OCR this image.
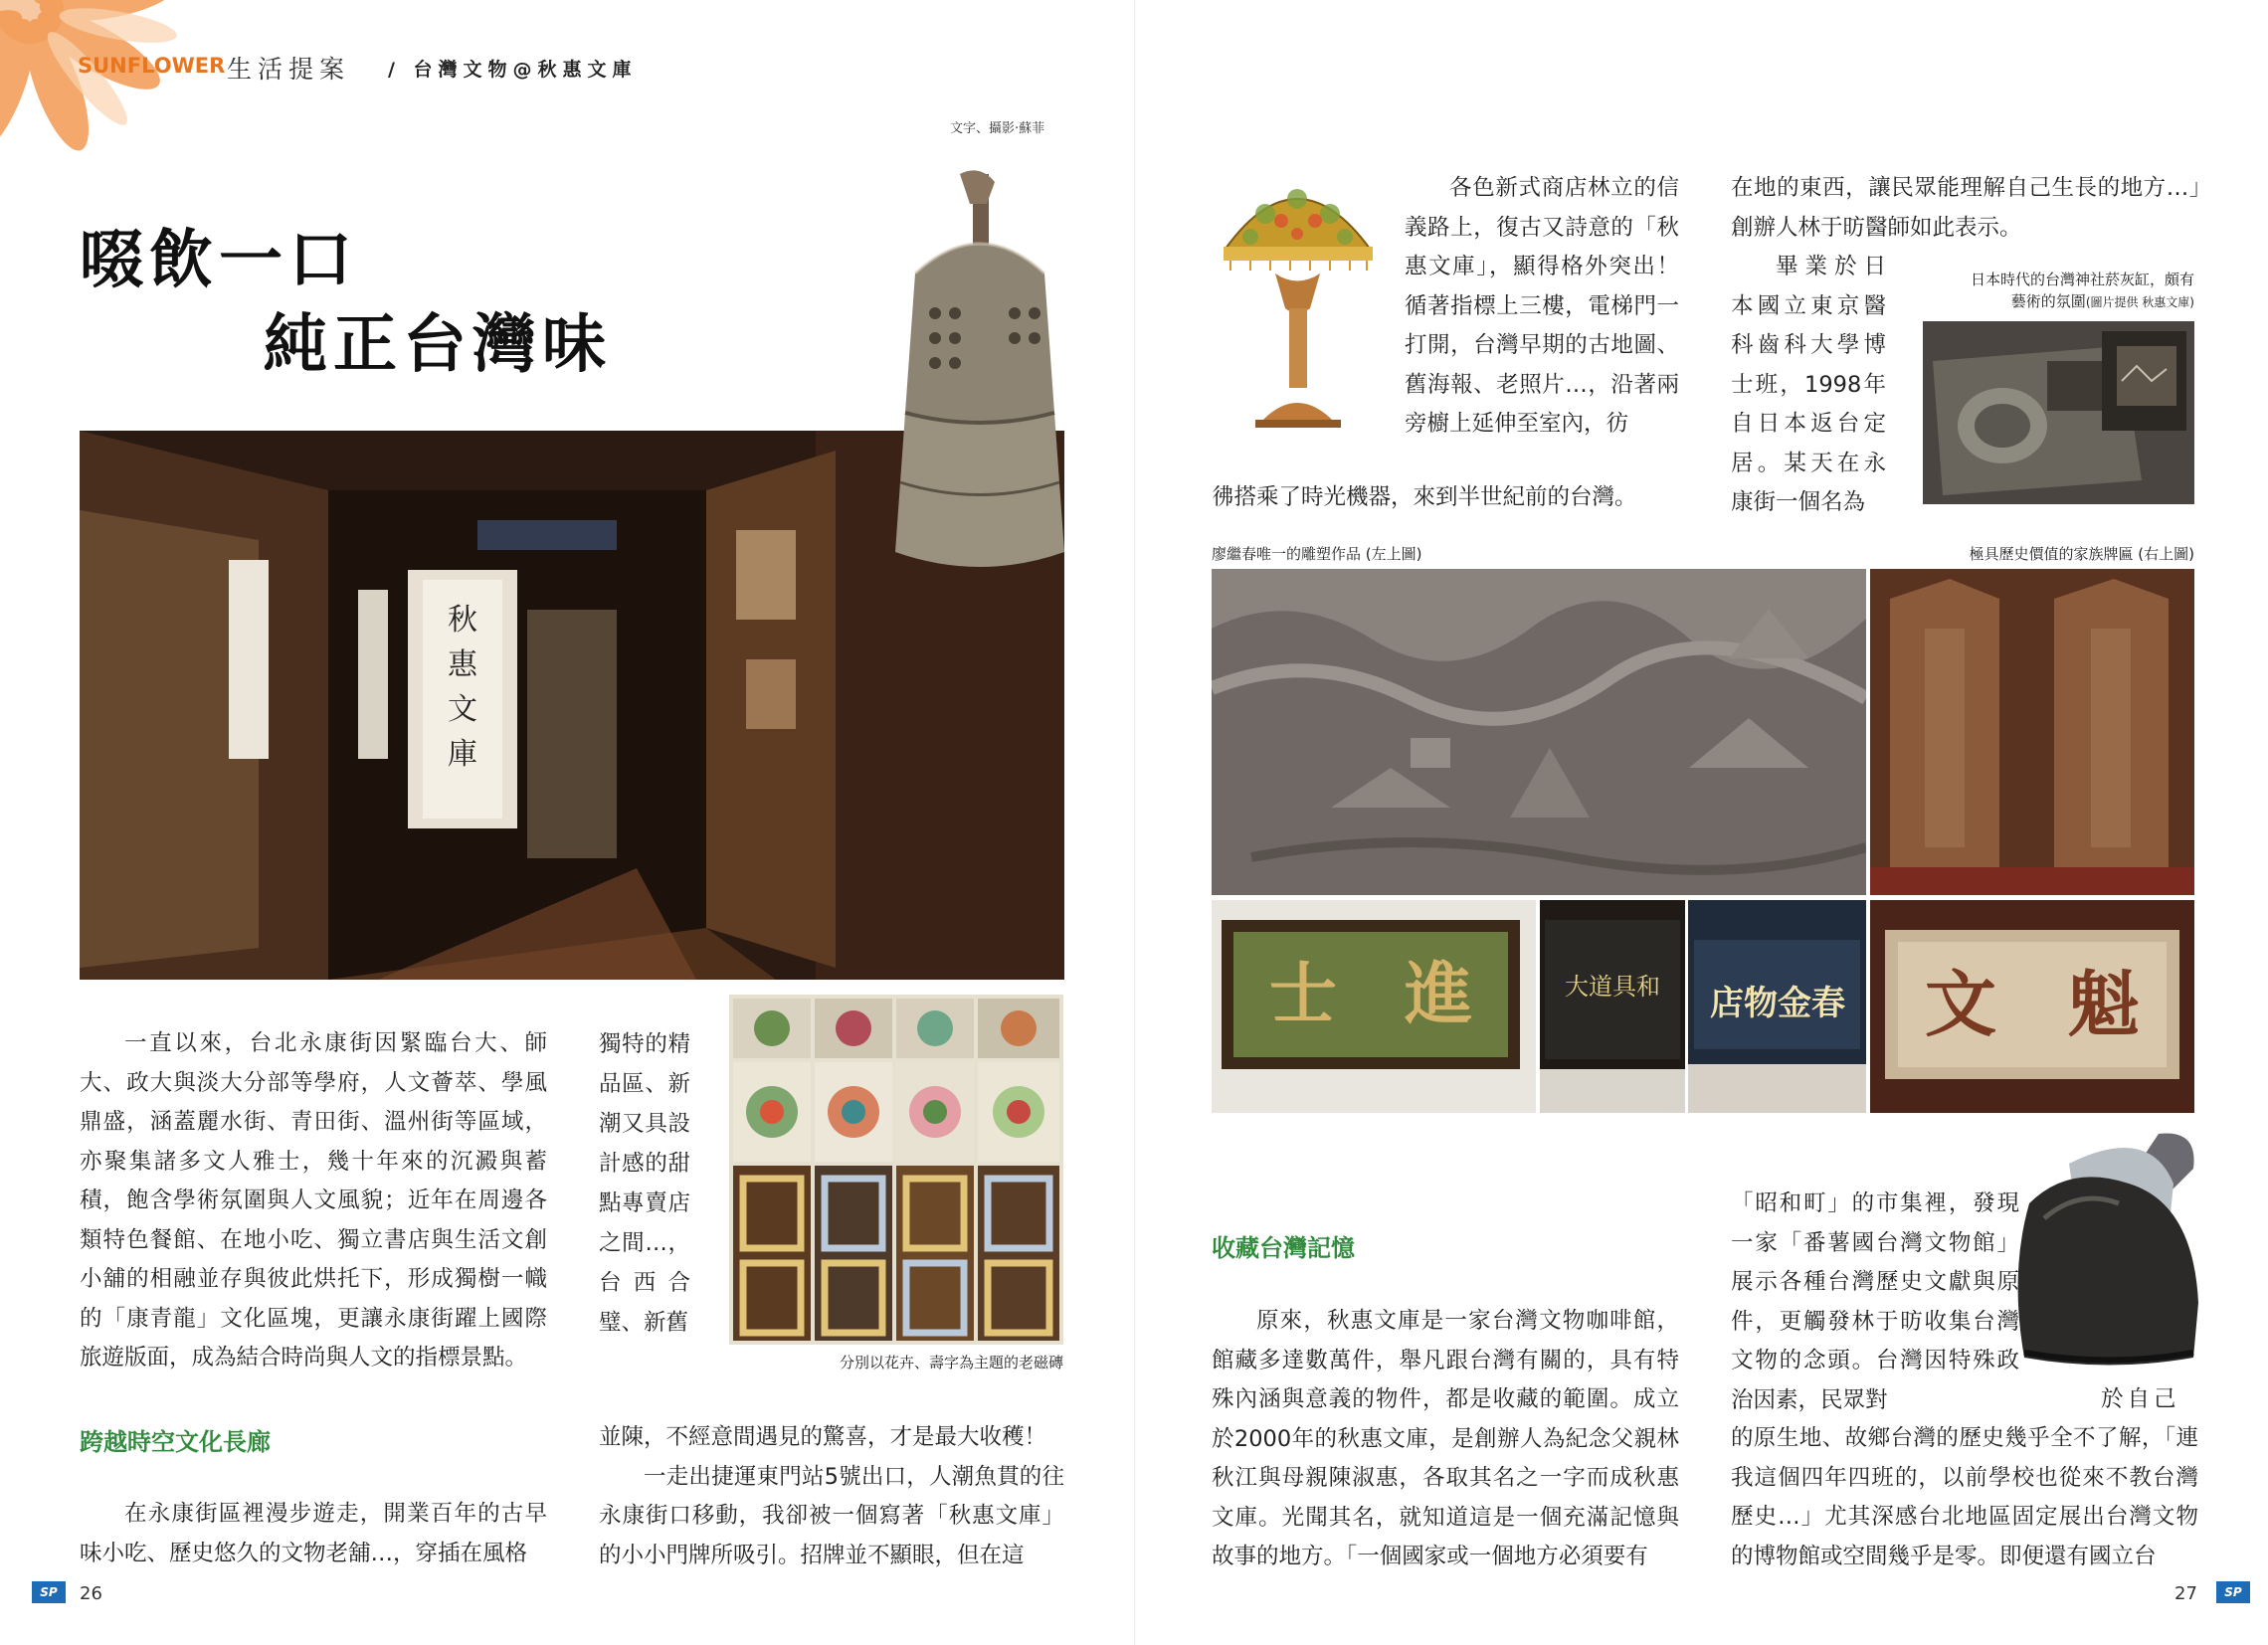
SUNFLOWER 生活提案 / 台灣文物@秋惠文庫
文字、攝影‧蘇菲
啜飲一口
純正台灣味
秋
惠
文
庫
分別以花卉、壽字為主題的老磁磚

一直以來，台北永康街因緊臨台大、師大、政大與淡大分部等學府，人文薈萃、學風鼎盛，涵蓋麗水街、青田街、溫州街等區域，亦聚集諸多文人雅士，幾十年來的沉澱與蓄積，飽含學術氛圍與人文風貌；近年在周邊各類特色餐館、在地小吃、獨立書店與生活文創小舖的相融並存與彼此烘托下，形成獨樹一幟的「康青龍」文化區塊，更讓永康街躍上國際旅遊版面，成為結合時尚與人文的指標景點。

跨越時空文化長廊

在永康街區裡漫步遊走，開業百年的古早味小吃、歷史悠久的文物老舖…，穿插在風格

獨特的精品區、新潮又具設計感的甜點專賣店之間…，台西合璧、新舊

並陳，不經意間遇見的驚喜，才是最大收穫！

一走出捷運東門站5號出口，人潮魚貫的往永康街口移動，我卻被一個寫著「秋惠文庫」的小小門牌所吸引。招牌並不顯眼，但在這

SP	26

各色新式商店林立的信義路上，復古又詩意的「秋惠文庫」，顯得格外突出！循著指標上三樓，電梯門一打開，台灣早期的古地圖、舊海報、老照片…，沿著兩旁櫥上延伸至室內，彷

彿搭乘了時光機器，來到半世紀前的台灣。

在地的東西，讓民眾能理解自己生長的地方…」創辦人林于昉醫師如此表示。

畢業於日本國立東京醫科齒科大學博士班，1998年自日本返台定居。某天在永康街一個名為

日本時代的台灣神社菸灰缸，頗有
藝術的氛圍(圖片提供 秋惠文庫)
廖繼春唯一的雕塑作品 (左上圖)	極具歷史價值的家族牌匾 (右上圖)
士　進	大道具和 店物金春 文　魁
收藏台灣記憶

原來，秋惠文庫是一家台灣文物咖啡館，館藏多達數萬件，舉凡跟台灣有關的，具有特殊內涵與意義的物件，都是收藏的範圍。成立於2000年的秋惠文庫，是創辦人為紀念父親林秋江與母親陳淑惠，各取其名之一字而成秋惠文庫。光聞其名，就知道這是一個充滿記憶與故事的地方。「一個國家或一個地方必須要有

「昭和町」的市集裡，發現一家「番薯國台灣文物館」展示各種台灣歷史文獻與原件，更觸發林于昉收集台灣文物的念頭。台灣因特殊政治因素，民眾對	於自己

的原生地、故鄉台灣的歷史幾乎全不了解，「連我這個四年四班的，以前學校也從來不教台灣歷史…」尤其深感台北地區固定展出台灣文物的博物館或空間幾乎是零。即便還有國立台

27	SP
